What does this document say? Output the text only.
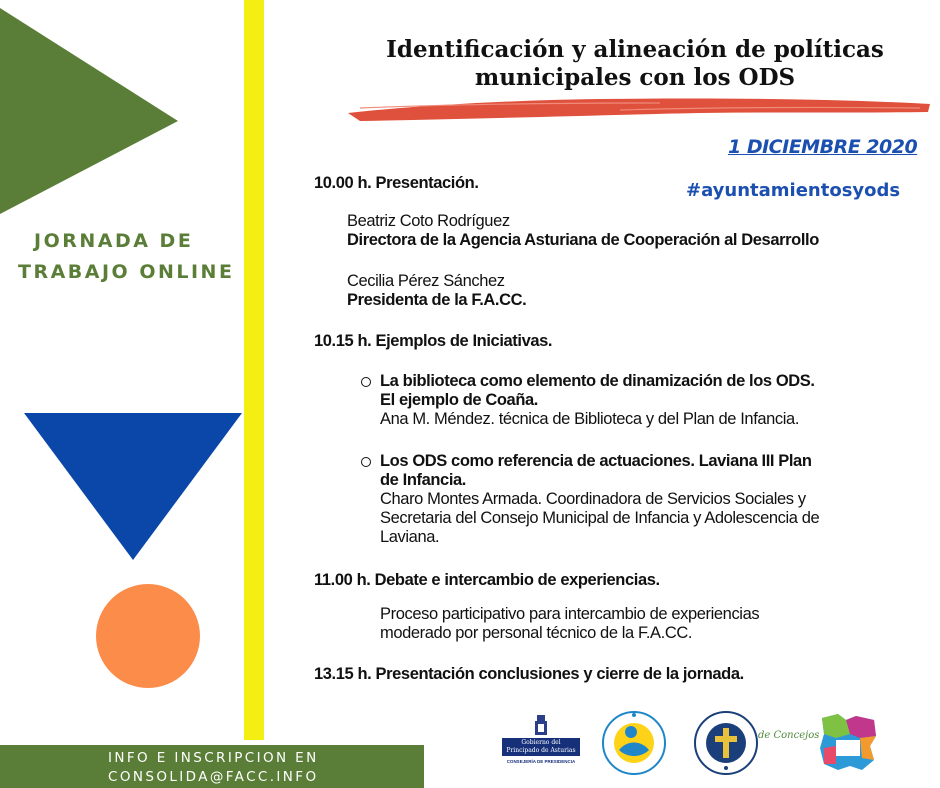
JORNADA DE
TRABAJO ONLINE
Identificación y alineación de políticas
municipales con los ODS
1 DICIEMBRE 2020
#ayuntamientosyods
10.00 h. Presentación.
Beatriz Coto Rodríguez
Directora de la Agencia Asturiana de Cooperación al Desarrollo
Cecilia Pérez Sánchez
Presidenta de la F.A.CC.
10.15 h. Ejemplos de Iniciativas.
La biblioteca como elemento de dinamización de los ODS.
El ejemplo de Coaña.
Ana M. Méndez. técnica de Biblioteca y del Plan de Infancia.
Los ODS como referencia de actuaciones. Laviana III Plan
de Infancia.
Charo Montes Armada. Coordinadora de Servicios Sociales y
Secretaria del Consejo Municipal de Infancia y Adolescencia de
Laviana.
11.00 h. Debate e intercambio de experiencias.
Proceso participativo para intercambio de experiencias
moderado por personal técnico de la F.A.CC.
13.15 h. Presentación conclusiones y cierre de la jornada.
INFO E INSCRIPCION EN
CONSOLIDA@FACC.INFO
Gobierno del
Principado de Asturias
CONSEJERÍA DE PRESIDENCIA
de Concejos
